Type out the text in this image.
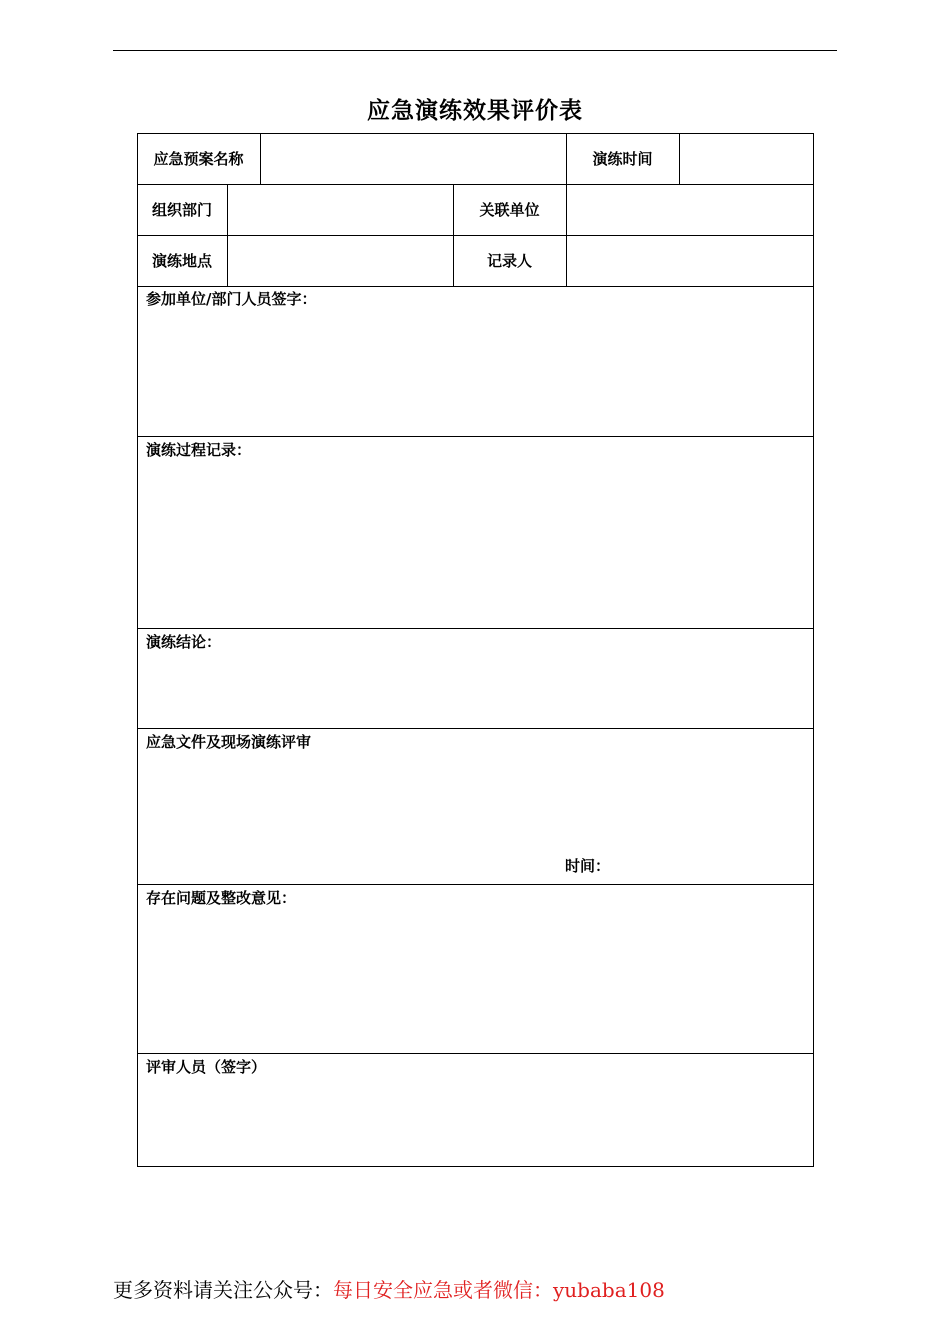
应急演练效果评价表
应急预案名称	演练时间
组织部门	关联单位
演练地点	记录人
参加单位/部门人员签字：
演练过程记录：
演练结论：
应急文件及现场演练评审
时间：
存在问题及整改意见：
评审人员（签字）
更多资料请关注公众号：每日安全应急或者微信：yubaba108
